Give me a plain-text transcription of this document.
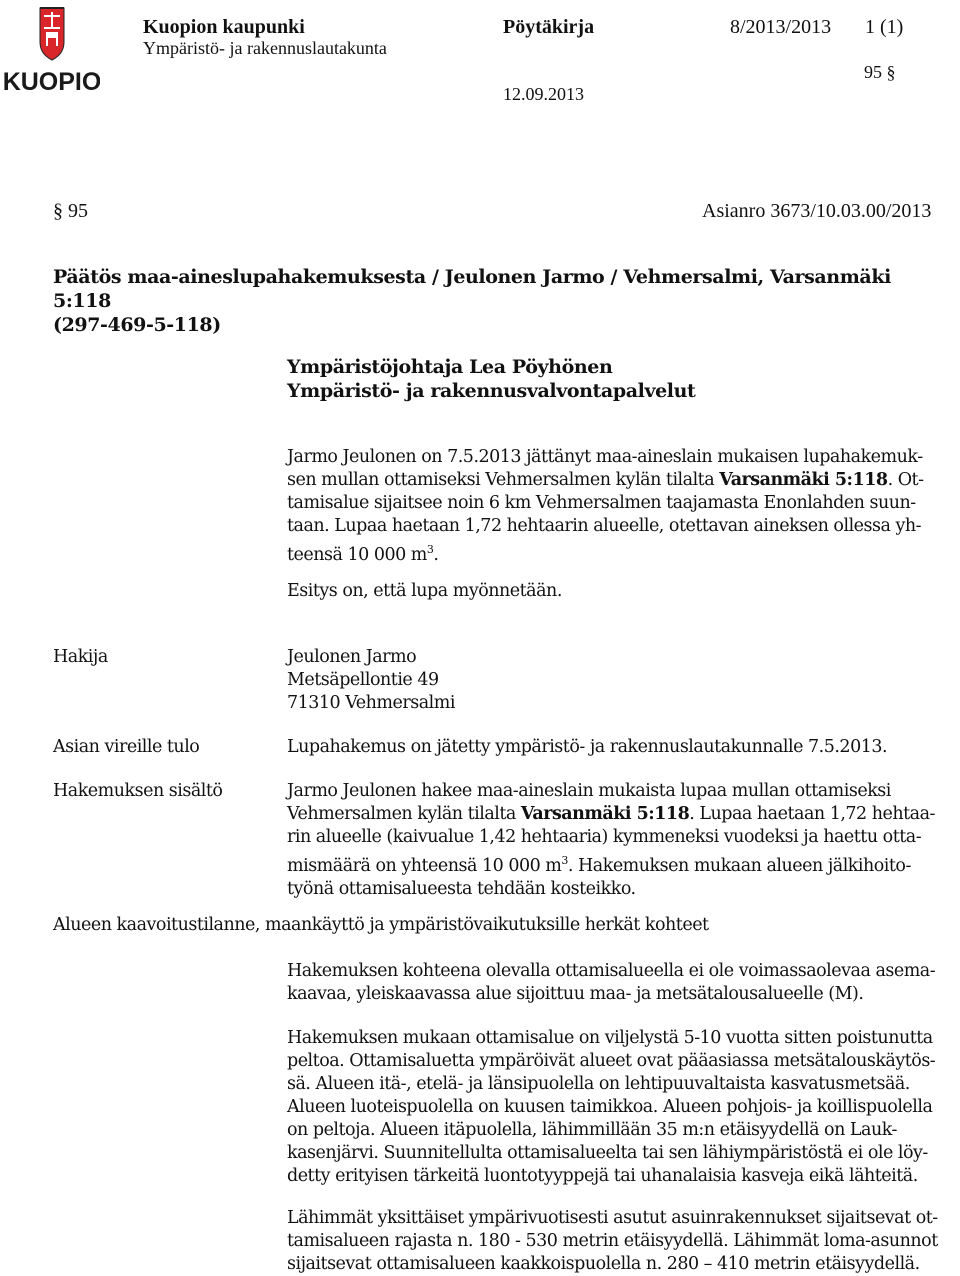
KUOPIO
Kuopion kaupunki
Ympäristö- ja rakennuslautakunta
Pöytäkirja	8/2013/2013 1 (1)
95 §
12.09.2013
§ 95	Asianro 3673/10.03.00/2013
Päätös maa-aineslupahakemuksesta / Jeulonen Jarmo / Vehmersalmi, Varsanmäki 5:118
(297-469-5-118)
Ympäristöjohtaja Lea Pöyhönen
Ympäristö- ja rakennusvalvontapalvelut
Jarmo Jeulonen on 7.5.2013 jättänyt maa-aineslain mukaisen lupahakemuk-
sen mullan ottamiseksi Vehmersalmen kylän tilalta Varsanmäki 5:118. Ot-
tamisalue sijaitsee noin 6 km Vehmersalmen taajamasta Enonlahden suun-
taan. Lupaa haetaan 1,72 hehtaarin alueelle, otettavan aineksen ollessa yh-
teensä 10 000 $m^3$.
Esitys on, että lupa myönnetään.
Hakija	Jeulonen Jarmo
Metsäpellontie 49
71310 Vehmersalmi
Asian vireille tulo	Lupahakemus on jätetty ympäristö- ja rakennuslautakunnalle 7.5.2013.
Hakemuksen sisältö	Jarmo Jeulonen hakee maa-aineslain mukaista lupaa mullan ottamiseksi
Vehmersalmen kylän tilalta Varsanmäki 5:118. Lupaa haetaan 1,72 hehtaa-
rin alueelle (kaivualue 1,42 hehtaaria) kymmeneksi vuodeksi ja haettu otta-
mismäärä on yhteensä 10 000 $m^3$. Hakemuksen mukaan alueen jälkihoito-
työnä ottamisalueesta tehdään kosteikko.
Alueen kaavoitustilanne, maankäyttö ja ympäristövaikutuksille herkät kohteet
Hakemuksen kohteena olevalla ottamisalueella ei ole voimassaolevaa asema-
kaavaa, yleiskaavassa alue sijoittuu maa- ja metsätalousalueelle (M).
Hakemuksen mukaan ottamisalue on viljelystä 5-10 vuotta sitten poistunutta
peltoa. Ottamisaluetta ympäröivät alueet ovat pääasiassa metsätalouskäytös-
sä. Alueen itä-, etelä- ja länsipuolella on lehtipuuvaltaista kasvatusmetsää.
Alueen luoteispuolella on kuusen taimikkoa. Alueen pohjois- ja koillispuolella
on peltoja. Alueen itäpuolella, lähimmillään 35 m:n etäisyydellä on Lauk-
kasenjärvi. Suunnitellulta ottamisalueelta tai sen lähiympäristöstä ei ole löy-
detty erityisen tärkeitä luontotyyppejä tai uhanalaisia kasveja eikä lähteitä.
Lähimmät yksittäiset ympärivuotisesti asutut asuinrakennukset sijaitsevat ot-
tamisalueen rajasta n. 180 - 530 metrin etäisyydellä. Lähimmät loma-asunnot
sijaitsevat ottamisalueen kaakkoispuolella n. 280 – 410 metrin etäisyydellä.
